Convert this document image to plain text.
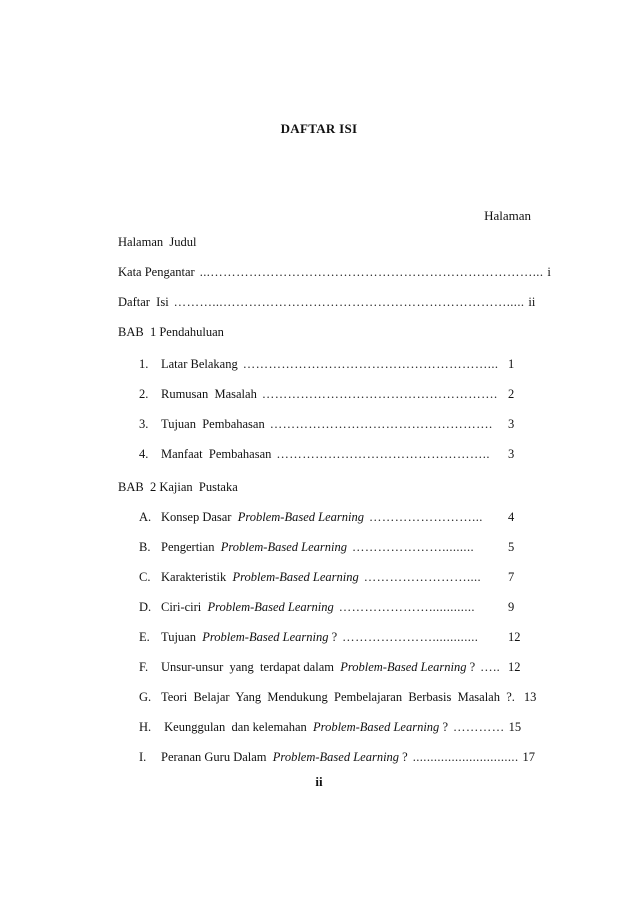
DAFTAR ISI
Halaman
Halaman  Judul
Kata Pengantar ...…………………………………………………………………... i
Daftar  Isi ………...…………………………………………………………..... ii
BAB  1 Pendahuluan
1.	Latar Belakang …………………………………………………... 1
2.	Rumusan  Masalah ………………………………………………. 2
3.	Tujuan  Pembahasan …………………………………………….	3
4.	Manfaat  Pembahasan …………………………………………..	3
BAB  2 Kajian  Pustaka
A. Konsep Dasar  Problem-Based Learning ……………………...	4
B. Pengertian  Problem-Based Learning ………………….........	5
C. Karakteristik  Problem-Based Learning ……………………....	7
D. Ciri-ciri  Problem-Based Learning ………………….............	9
E. Tujuan  Problem-Based Learning ? ………………….............	12
F.	Unsur-unsur  yang  terdapat dalam  Problem-Based Learning ? ….. 12
G. Teori  Belajar  Yang  Mendukung  Pembelajaran  Berbasis  Masalah  ?. 13
H. Keunggulan  dan kelemahan  Problem-Based Learning ? ………… 15
I.	Peranan Guru Dalam  Problem-Based Learning ? .............................. 17
ii
